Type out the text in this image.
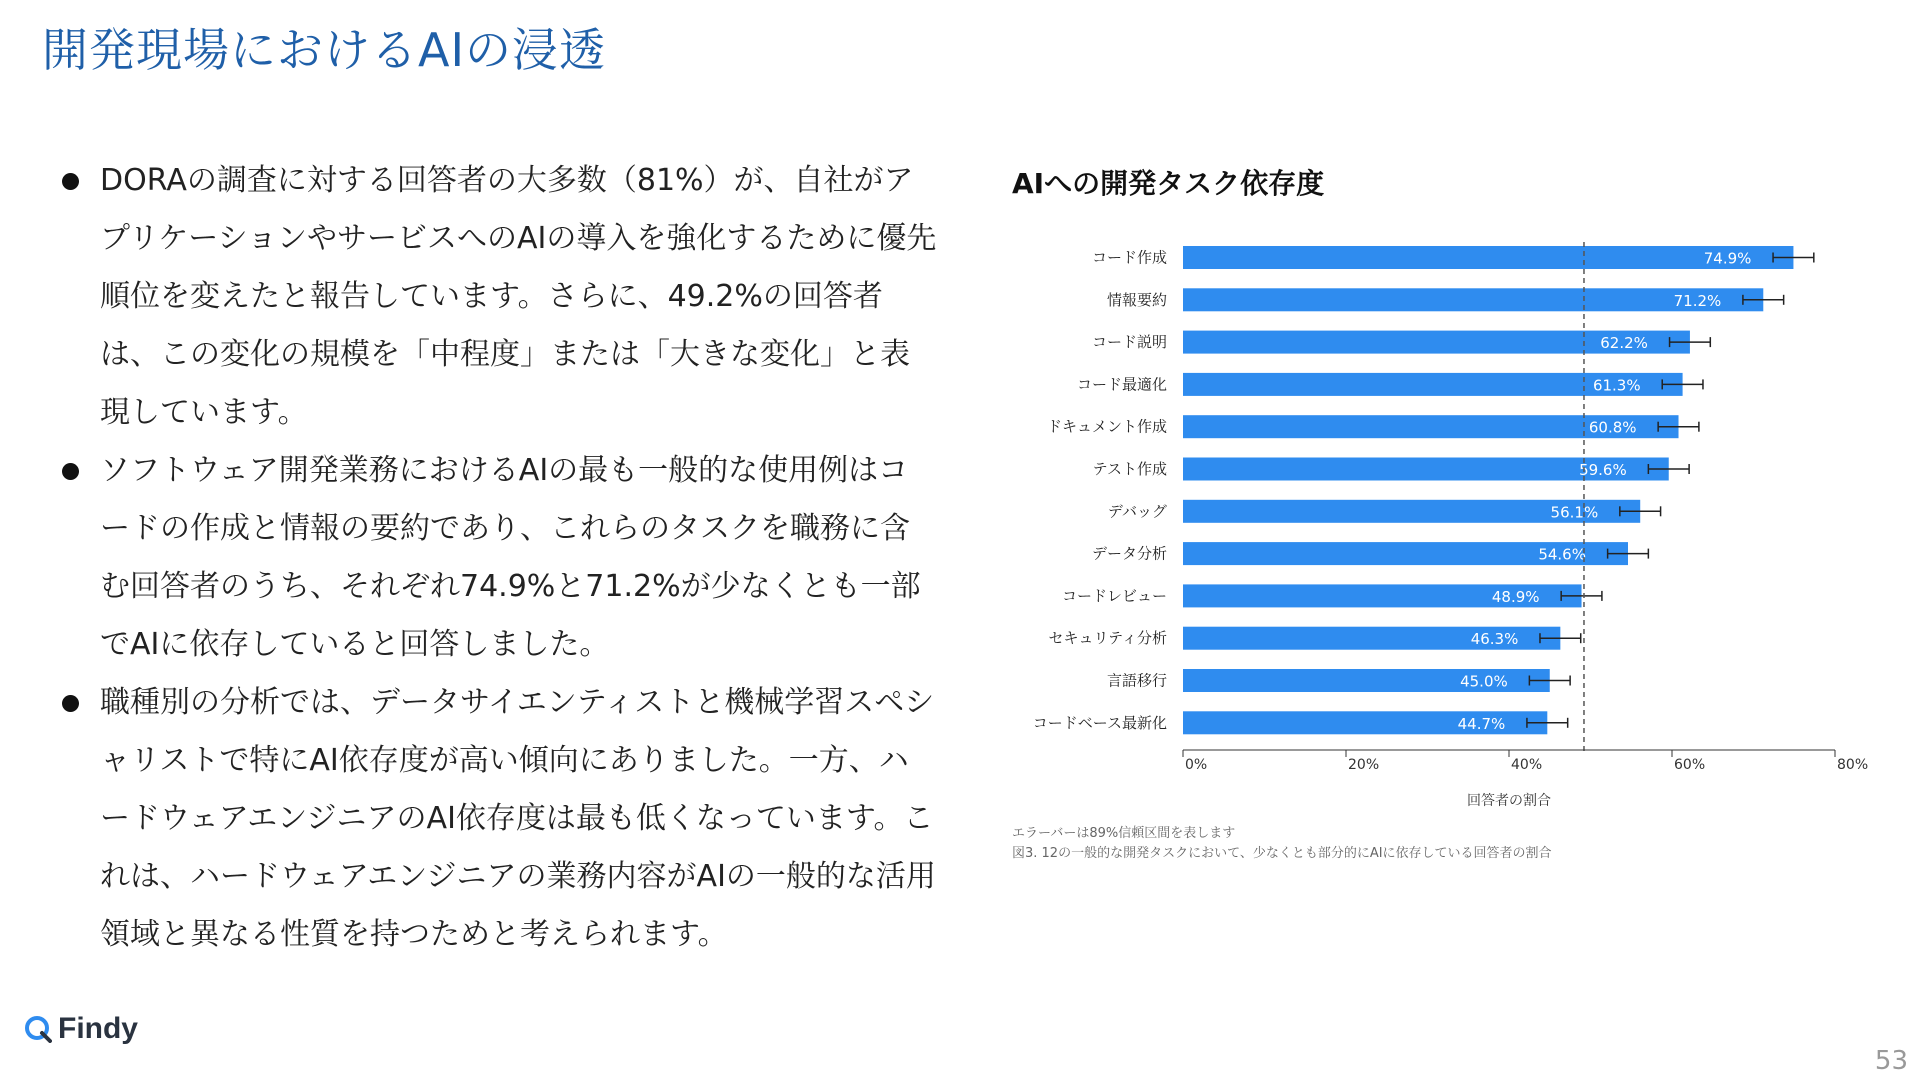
開発現場におけるAIの浸透
DORAの調査に対する回答者の大多数（81%）が、自社がアプリケーションやサービスへのAIの導入を強化するために優先順位を変えたと報告しています。さらに、49.2%の回答者は、この変化の規模を「中程度」または「大きな変化」と表現しています。
ソフトウェア開発業務におけるAIの最も一般的な使用例はコードの作成と情報の要約であり、これらのタスクを職務に含む回答者のうち、それぞれ74.9%と71.2%が少なくとも一部でAIに依存していると回答しました。
職種別の分析では、データサイエンティストと機械学習スペシャリストで特にAI依存度が高い傾向にありました。一方、ハードウェアエンジニアのAI依存度は最も低くなっています。これは、ハードウェアエンジニアの業務内容がAIの一般的な活用領域と異なる性質を持つためと考えられます。
コード作成	74.9%
情報要約	71.2%
コード説明	62.2%
コード最適化	61.3%
ドキュメント作成	60.8%
テスト作成	59.6%
デバッグ	56.1%
データ分析	54.6%
コードレビュー	48.9%
セキュリティ分析	46.3%
言語移行	45.0%
コードベース最新化	44.7%
0%	20%	40%	60%	80%
回答者の割合
AIへの開発タスク依存度

エラーバーは89%信頼区間を表します

図3. 12の一般的な開発タスクにおいて、少なくとも部分的にAIに依存している回答者の割合

Findy
53
